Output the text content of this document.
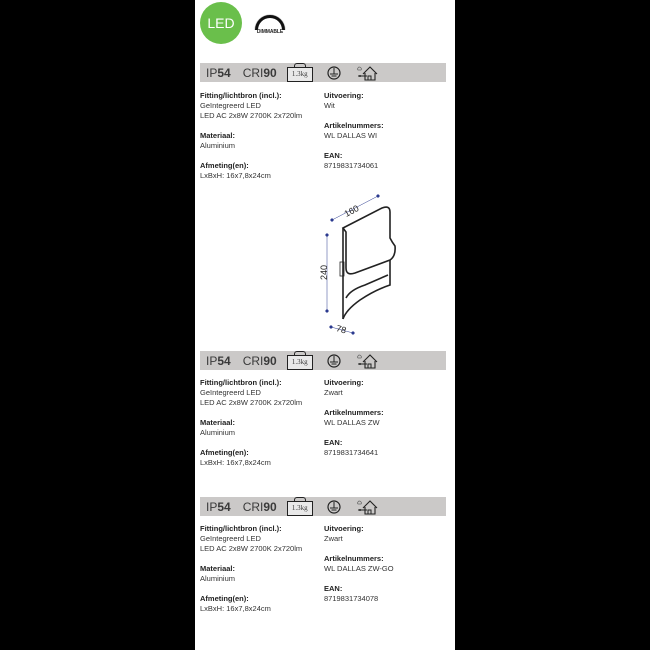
LED
DIMMABLE
IP54 CRI90 1.3kg
Fitting/lichtbron (incl.):
Geïntegreerd LED
LED AC 2x8W 2700K 2x720lm
Materiaal:
Aluminium
Afmeting(en):
LxBxH: 16x7,8x24cm
Uitvoering:
Wit
Artikelnummers:
WL DALLAS WI
EAN:
8719831734061
160
240
78
IP54 CRI90 1.3kg
Fitting/lichtbron (incl.):
Geïntegreerd LED
LED AC 2x8W 2700K 2x720lm
Materiaal:
Aluminium
Afmeting(en):
LxBxH: 16x7,8x24cm
Uitvoering:
Zwart
Artikelnummers:
WL DALLAS ZW
EAN:
8719831734641
IP54 CRI90 1.3kg
Fitting/lichtbron (incl.):
Geïntegreerd LED
LED AC 2x8W 2700K 2x720lm
Materiaal:
Aluminium
Afmeting(en):
LxBxH: 16x7,8x24cm
Uitvoering:
Zwart
Artikelnummers:
WL DALLAS ZW-GO
EAN:
8719831734078
